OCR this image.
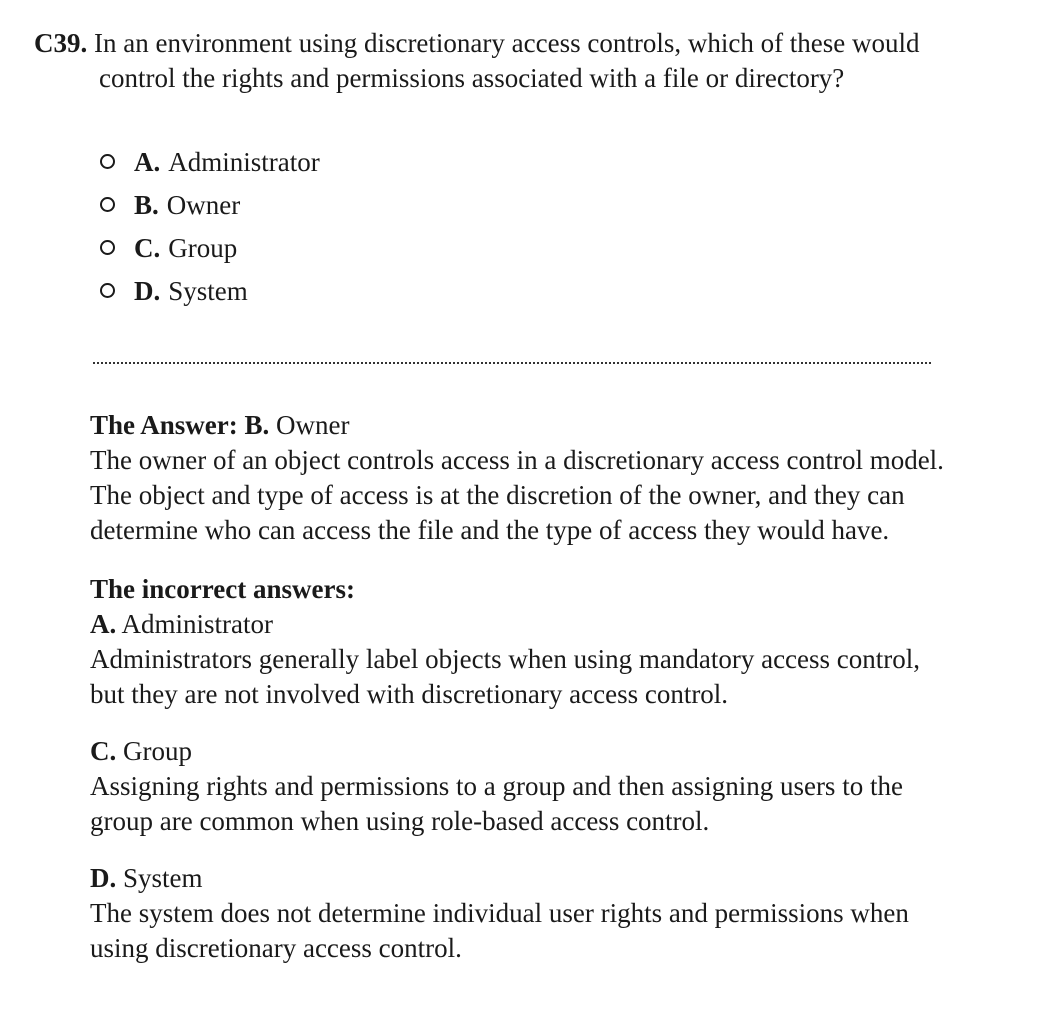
C39. In an environment using discretionary access controls, which of these would control the rights and permissions associated with a file or directory?
A. Administrator
B. Owner
C. Group
D. System

The Answer: B. Owner

The owner of an object controls access in a discretionary access control model. The object and type of access is at the discretion of the owner, and they can determine who can access the file and the type of access they would have.

The incorrect answers:

A. Administrator

Administrators generally label objects when using mandatory access control, but they are not involved with discretionary access control.

C. Group

Assigning rights and permissions to a group and then assigning users to the group are common when using role-based access control.

D. System

The system does not determine individual user rights and permissions when using discretionary access control.
